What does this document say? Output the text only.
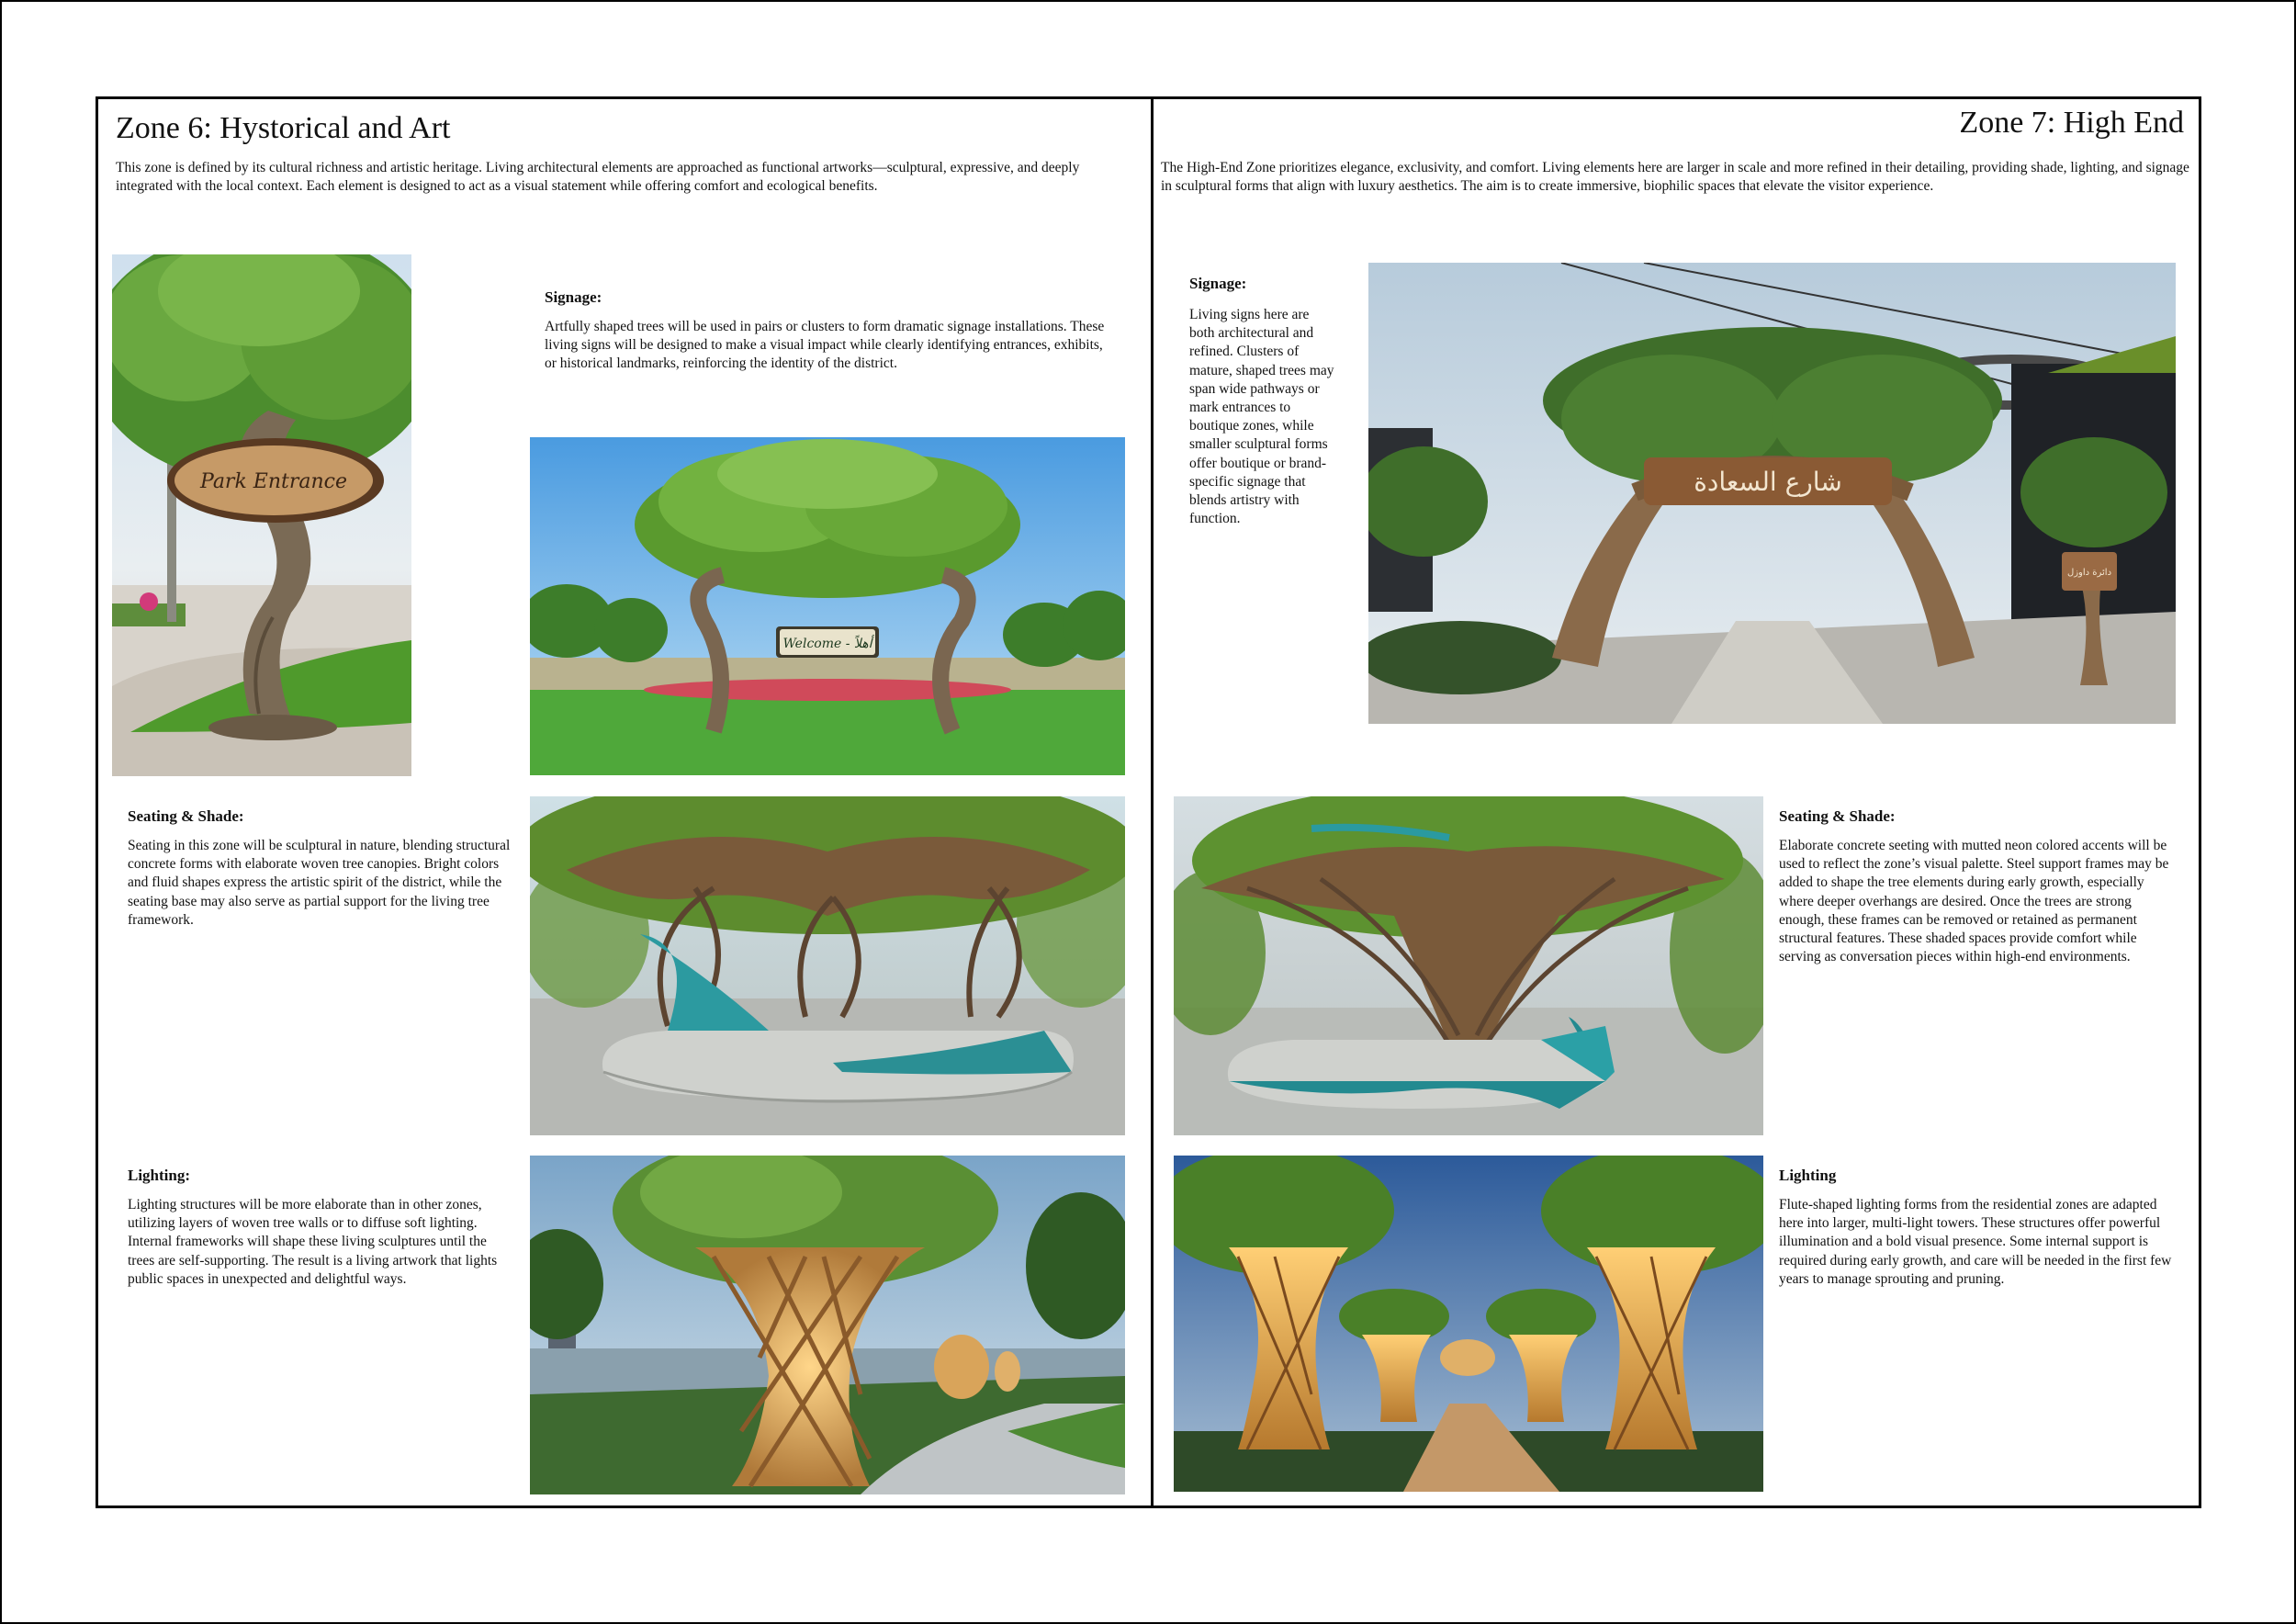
Zone 6: Hystorical and Art

This zone is defined by its cultural richness and artistic heritage. Living architectural elements are approached as functional artworks—sculptural, expressive, and deeply integrated with the local context. Each element is designed to act as a visual statement while offering comfort and ecological benefits.

Park Entrance
Signage:

Artfully shaped trees will be used in pairs or clusters to form dramatic signage installations. These living signs will be designed to make a visual impact while clearly identifying entrances, exhibits, or historical landmarks, reinforcing the identity of the district.

Welcome - أهلاً
Seating & Shade:

Seating in this zone will be sculptural in nature, blending structural concrete forms with elaborate woven tree canopies. Bright colors and fluid shapes express the artistic spirit of the district, while the seating base may also serve as partial support for the living tree framework.

Lighting:

Lighting structures will be more elaborate than in other zones, utilizing layers of woven tree walls or to diffuse soft lighting. Internal frameworks will shape these living sculptures until the trees are self-supporting. The result is a living artwork that lights public spaces in unexpected and delightful ways.

Zone 7: High End

The High-End Zone prioritizes elegance, exclusivity, and comfort. Living elements here are larger in scale and more refined in their detailing, providing shade, lighting, and signage in sculptural forms that align with luxury aesthetics. The aim is to create immersive, biophilic spaces that elevate the visitor experience.

Signage:

Living signs here are both architectural and refined. Clusters of mature, shaped trees may span wide pathways or mark entrances to boutique zones, while smaller sculptural forms offer boutique or brand-specific signage that blends artistry with function.

شارع السعادة
دائرة داوزل
Seating & Shade:

Elaborate concrete seeting with mutted neon colored accents will be used to reflect the zone’s visual palette. Steel support frames may be added to shape the tree elements during early growth, especially where deeper overhangs are desired. Once the trees are strong enough, these frames can be removed or retained as permanent structural features. These shaded spaces provide comfort while serving as conversation pieces within high-end environments.

Lighting

Flute-shaped lighting forms from the residential zones are adapted here into larger, multi-light towers. These structures offer powerful illumination and a bold visual presence. Some internal support is required during early growth, and care will be needed in the first few years to manage sprouting and pruning.
